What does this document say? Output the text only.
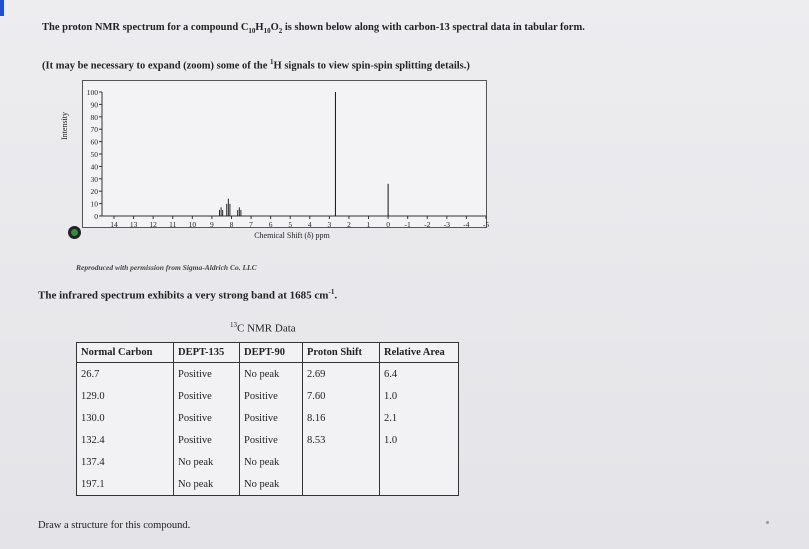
The proton NMR spectrum for a compound $C_{10}H_{10}O_2$ is shown below along with carbon-13 spectral data in tabular form.
(It may be necessary to expand (zoom) some of the $^1$H signals to view spin-spin splitting details.)
Intensity
100
90
80
70
60
50
40
30
20
10
0
14 13 12 11 10 9 8 7 6 5 4 3 2 1 0 -1 -2 -3 -4 -5
Chemical Shift (δ) ppm
Reproduced with permission from Sigma-Aldrich Co. LLC
The infrared spectrum exhibits a very strong band at 1685 $cm^{-1}$.
$^{13}$C NMR Data
Normal Carbon	DEPT-135	DEPT-90	Proton Shift	Relative Area
26.7	Positive	No peak	2.69	6.4
129.0	Positive	Positive	7.60	1.0
130.0	Positive	Positive	8.16	2.1
132.4	Positive	Positive	8.53	1.0
137.4	No peak	No peak		
197.1	No peak	No peak		
Draw a structure for this compound.
